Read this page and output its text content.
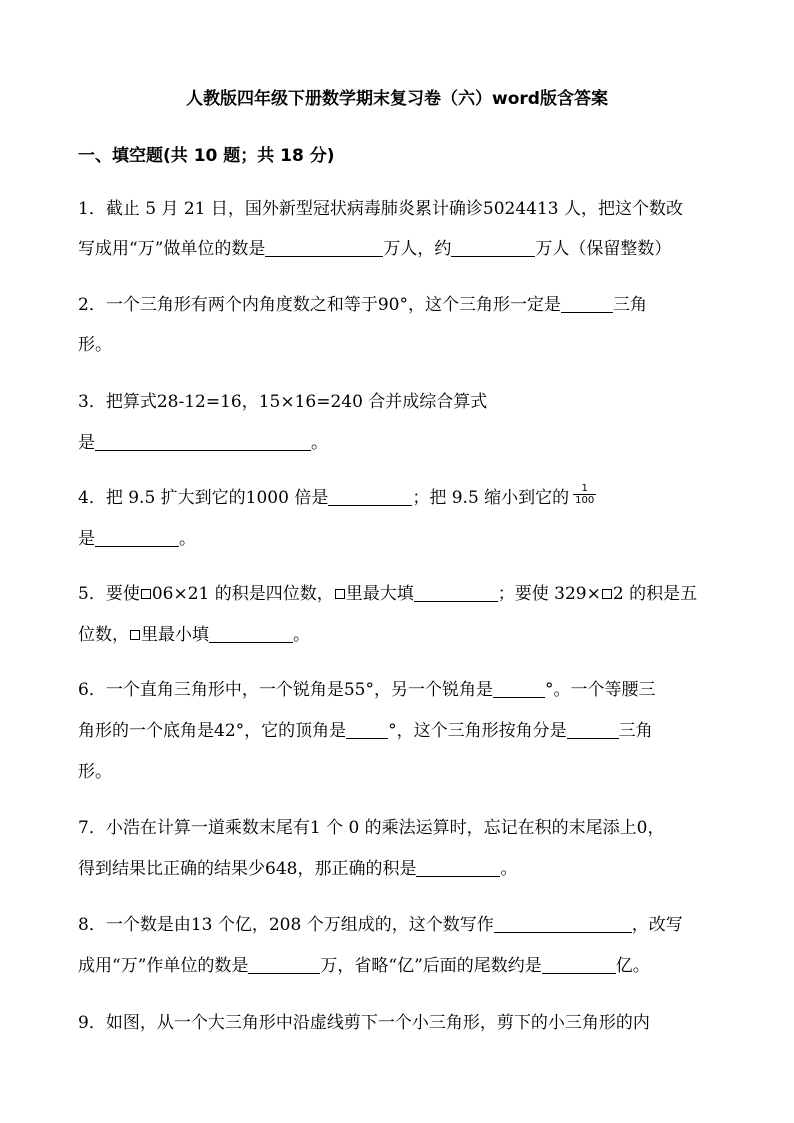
人教版四年级下册数学期末复习卷（六）word版含答案
一、填空题(共 10 题；共 18 分)
1．截止 5 月 21 日，国外新型冠状病毒肺炎累计确诊5024413 人，把这个数改
写成用“万”做单位的数是	万人，约	万人（保留整数）
2．一个三角形有两个内角度数之和等于90°，这个三角形一定是	三角
形。
3．把算式28-12=16，15×16=240 合并成综合算式
是	。
4．把 9.5 扩大到它的1000 倍是	；把 9.5 缩小到它的 $\frac{1}{100}$
是	。
5．要使 06×21 的积是四位数， 里最大填	；要使 329× 2 的积是五
位数， 里最小填	。
6．一个直角三角形中，一个锐角是55°，另一个锐角是	°。一个等腰三
角形的一个底角是42°，它的顶角是 °，这个三角形按角分是	三角
形。
7．小浩在计算一道乘数末尾有1 个 0 的乘法运算时，忘记在积的末尾添上0，
得到结果比正确的结果少648，那正确的积是	。
8．一个数是由13 个亿，208 个万组成的，这个数写作	，改写
成用“万”作单位的数是	万，省略“亿”后面的尾数约是	亿。
9．如图，从一个大三角形中沿虚线剪下一个小三角形，剪下的小三角形的内
